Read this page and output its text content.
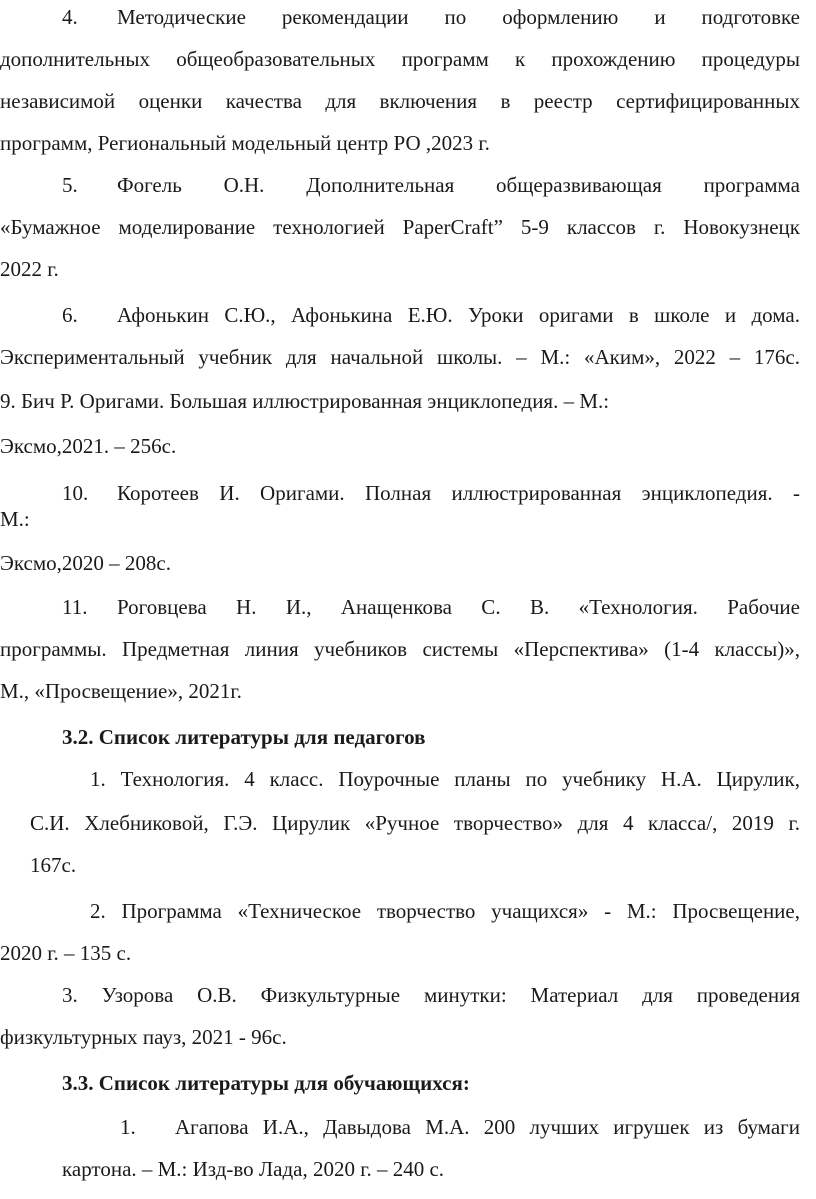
4. Методические рекомендации по оформлению и подготовке
дополнительных общеобразовательных программ к прохождению процедуры
независимой оценки качества для включения в реестр сертифицированных
программ, Региональный модельный центр РО ,2023 г.
5. Фогель О.Н. Дополнительная общеразвивающая программа
«Бумажное моделирование технологией PaperCraft” 5-9 классов г. Новокузнецк
2022 г.
6. Афонькин С.Ю., Афонькина Е.Ю. Уроки оригами в школе и дома.
Экспериментальный учебник для начальной школы. – М.: «Аким», 2022 – 176с.
9. Бич Р. Оригами. Большая иллюстрированная энциклопедия. – М.:
Эксмо,2021. – 256с.
10. Коротеев И. Оригами. Полная иллюстрированная энциклопедия. -
М.:
Эксмо,2020 – 208с.
11. Роговцева Н. И., Анащенкова С. В. «Технология. Рабочие
программы. Предметная линия учебников системы «Перспектива» (1-4 классы)»,
М., «Просвещение», 2021г.
3.2. Список литературы для педагогов
1. Технология. 4 класс. Поурочные планы по учебнику Н.А. Цирулик,
С.И. Хлебниковой, Г.Э. Цирулик «Ручное творчество» для 4 класса/, 2019 г.
167с.
2. Программа «Техническое творчество учащихся» - М.: Просвещение,
2020 г. – 135 с.
3. Узорова О.В. Физкультурные минутки: Материал для проведения
физкультурных пауз, 2021 - 96с.
3.3. Список литературы для обучающихся:
1. Агапова И.А., Давыдова М.А. 200 лучших игрушек из бумаги
картона. – М.: Изд-во Лада, 2020 г. – 240 с.
